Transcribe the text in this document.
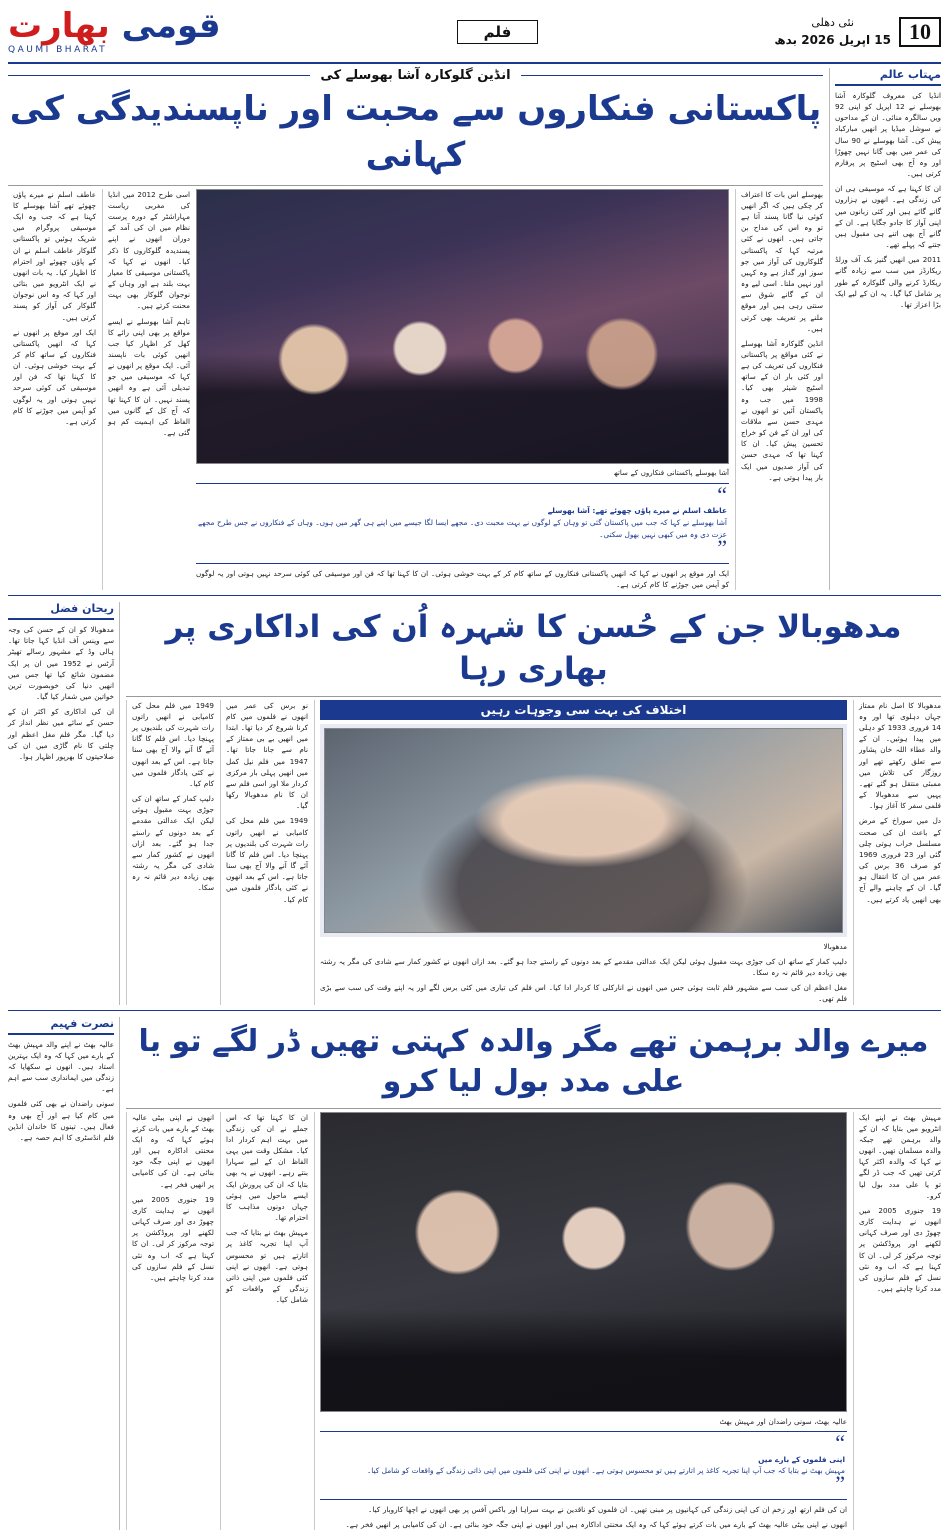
10
نئی دھلی
15 اپریل 2026 بدھ
فلم
قومی بھارت
QAUMI BHARAT
مہتاب عالم
انڈیا کی معروف گلوکارہ آشا بھوسلے نے 12 اپریل کو اپنی 92 ویں سالگرہ منائی۔ ان کے مداحوں نے سوشل میڈیا پر انھیں مبارکباد پیش کی۔ آشا بھوسلے نے 90 سال کی عمر میں بھی گانا نہیں چھوڑا اور وہ آج بھی اسٹیج پر پرفارم کرتی ہیں۔
ان کا کہنا ہے کہ موسیقی ہی ان کی زندگی ہے۔ انھوں نے ہزاروں گانے گائے ہیں اور کئی زبانوں میں اپنی آواز کا جادو جگایا ہے۔ ان کے گانے آج بھی اتنے ہی مقبول ہیں جتنے کہ پہلے تھے۔
2011 میں انھیں گنیز بک آف ورلڈ ریکارڈز میں سب سے زیادہ گانے ریکارڈ کرنے والی گلوکارہ کے طور پر شامل کیا گیا۔ یہ ان کے لیے ایک بڑا اعزاز تھا۔
انڈین گلوکارہ آشا بھوسلے کی
پاکستانی فنکاروں سے محبت اور ناپسندیدگی کی کہانی
بھوسلے اس بات کا اعتراف کر چکی ہیں کہ اگر انھیں کوئی نیا گانا پسند آتا ہے تو وہ اس کی مداح بن جاتی ہیں۔ انھوں نے کئی مرتبہ کہا کہ پاکستانی گلوکاروں کی آواز میں جو سوز اور گداز ہے وہ کہیں اور نہیں ملتا۔ اسی لیے وہ ان کے گانے شوق سے سنتی رہی ہیں اور موقع ملنے پر تعریف بھی کرتی ہیں۔
انڈین گلوکارہ آشا بھوسلے نے کئی مواقع پر پاکستانی فنکاروں کی تعریف کی ہے اور کئی بار ان کے ساتھ اسٹیج شیئر بھی کیا۔ 1998 میں جب وہ پاکستان آئیں تو انھوں نے مہدی حسن سے ملاقات کی اور ان کے فن کو خراج تحسین پیش کیا۔ ان کا کہنا تھا کہ مہدی حسن کی آواز صدیوں میں ایک بار پیدا ہوتی ہے۔
آشا بھوسلے پاکستانی فنکاروں کے ساتھ
“
عاطف اسلم نے میرے پاؤں چھوئے تھے: آشا بھوسلے
آشا بھوسلے نے کہا کہ جب میں پاکستان گئی تو وہاں کے لوگوں نے بہت محبت دی۔ مجھے ایسا لگا جیسے میں اپنے ہی گھر میں ہوں۔ وہاں کے فنکاروں نے جس طرح مجھے عزت دی وہ میں کبھی نہیں بھول سکتی۔
”
ایک اور موقع پر انھوں نے کہا کہ انھیں پاکستانی فنکاروں کے ساتھ کام کر کے بہت خوشی ہوئی۔ ان کا کہنا تھا کہ فن اور موسیقی کی کوئی سرحد نہیں ہوتی اور یہ لوگوں کو آپس میں جوڑنے کا کام کرتی ہے۔
اسی طرح 2012 میں انڈیا کی مغربی ریاست مہاراشٹر کے دورہ پرست نظام میں ان کی آمد کے دوران انھوں نے اپنے پسندیدہ گلوکاروں کا ذکر کیا۔ انھوں نے کہا کہ پاکستانی موسیقی کا معیار بہت بلند ہے اور وہاں کے نوجوان گلوکار بھی بہت محنت کرتے ہیں۔
تاہم آشا بھوسلے نے ایسے مواقع پر بھی اپنی رائے کا کھل کر اظہار کیا جب انھیں کوئی بات ناپسند آئی۔ ایک موقع پر انھوں نے کہا کہ موسیقی میں جو تبدیلی آئی ہے وہ انھیں پسند نہیں۔ ان کا کہنا تھا کہ آج کل کے گانوں میں الفاظ کی اہمیت کم ہو گئی ہے۔
عاطف اسلم نے میرے پاؤں چھوئے تھے آشا بھوسلے کا کہنا ہے کہ جب وہ ایک موسیقی پروگرام میں شریک ہوئیں تو پاکستانی گلوکار عاطف اسلم نے ان کے پاؤں چھوئے اور احترام کا اظہار کیا۔ یہ بات انھوں نے ایک انٹرویو میں بتائی اور کہا کہ وہ اس نوجوان گلوکار کی آواز کو پسند کرتی ہیں۔
ایک اور موقع پر انھوں نے کہا کہ انھیں پاکستانی فنکاروں کے ساتھ کام کر کے بہت خوشی ہوئی۔ ان کا کہنا تھا کہ فن اور موسیقی کی کوئی سرحد نہیں ہوتی اور یہ لوگوں کو آپس میں جوڑنے کا کام کرتی ہے۔
مدھوبالا جن کے حُسن کا شہرہ اُن کی اداکاری پر بھاری رہا
مدھوبالا کا اصل نام ممتاز جہاں دہلوی تھا اور وہ 14 فروری 1933 کو دہلی میں پیدا ہوئیں۔ ان کے والد عطاء اللہ خان پشاور سے تعلق رکھتے تھے اور روزگار کی تلاش میں ممبئی منتقل ہو گئے تھے۔ یہیں سے مدھوبالا کے فلمی سفر کا آغاز ہوا۔
دل میں سوراخ کے مرض کے باعث ان کی صحت مسلسل خراب ہوتی چلی گئی اور 23 فروری 1969 کو صرف 36 برس کی عمر میں ان کا انتقال ہو گیا۔ ان کے چاہنے والے آج بھی انھیں یاد کرتے ہیں۔
اختلاف کی بہت سی وجوہات رہیں
مدھوبالا
دلیپ کمار کے ساتھ ان کی جوڑی بہت مقبول ہوئی لیکن ایک عدالتی مقدمے کے بعد دونوں کے راستے جدا ہو گئے۔ بعد ازاں انھوں نے کشور کمار سے شادی کی مگر یہ رشتہ بھی زیادہ دیر قائم نہ رہ سکا۔
مغل اعظم ان کی سب سے مشہور فلم ثابت ہوئی جس میں انھوں نے انارکلی کا کردار ادا کیا۔ اس فلم کی تیاری میں کئی برس لگے اور یہ اپنے وقت کی سب سے بڑی فلم تھی۔
نو برس کی عمر میں انھوں نے فلموں میں کام کرنا شروع کر دیا تھا۔ ابتدا میں انھیں بے بی ممتاز کے نام سے جانا جاتا تھا۔ 1947 میں فلم نیل کمل میں انھیں پہلی بار مرکزی کردار ملا اور اسی فلم سے ان کا نام مدھوبالا رکھا گیا۔
1949 میں فلم محل کی کامیابی نے انھیں راتوں رات شہرت کی بلندیوں پر پہنچا دیا۔ اس فلم کا گانا آئے گا آنے والا آج بھی سنا جاتا ہے۔ اس کے بعد انھوں نے کئی یادگار فلموں میں کام کیا۔
1949 میں فلم محل کی کامیابی نے انھیں راتوں رات شہرت کی بلندیوں پر پہنچا دیا۔ اس فلم کا گانا آئے گا آنے والا آج بھی سنا جاتا ہے۔ اس کے بعد انھوں نے کئی یادگار فلموں میں کام کیا۔
دلیپ کمار کے ساتھ ان کی جوڑی بہت مقبول ہوئی لیکن ایک عدالتی مقدمے کے بعد دونوں کے راستے جدا ہو گئے۔ بعد ازاں انھوں نے کشور کمار سے شادی کی مگر یہ رشتہ بھی زیادہ دیر قائم نہ رہ سکا۔
ریحان فضل
مدھوبالا کو ان کے حسن کی وجہ سے وینس آف انڈیا کہا جاتا تھا۔ ہالی وڈ کے مشہور رسالے تھیٹر آرٹس نے 1952 میں ان پر ایک مضمون شائع کیا تھا جس میں انھیں دنیا کی خوبصورت ترین خواتین میں شمار کیا گیا۔
ان کی اداکاری کو اکثر ان کے حسن کے سائے میں نظر انداز کر دیا گیا۔ مگر فلم مغل اعظم اور چلتی کا نام گاڑی میں ان کی صلاحیتوں کا بھرپور اظہار ہوا۔
میرے والد برہمن تھے مگر والدہ کہتی تھیں ڈر لگے تو یا علی مدد بول لیا کرو
مہیش بھٹ نے اپنے ایک انٹرویو میں بتایا کہ ان کے والد برہمن تھے جبکہ والدہ مسلمان تھیں۔ انھوں نے کہا کہ والدہ اکثر کہا کرتی تھیں کہ جب ڈر لگے تو یا علی مدد بول لیا کرو۔
19 جنوری 2005 میں انھوں نے ہدایت کاری چھوڑ دی اور صرف کہانی لکھنے اور پروڈکشن پر توجہ مرکوز کر لی۔ ان کا کہنا ہے کہ اب وہ نئی نسل کے فلم سازوں کی مدد کرنا چاہتے ہیں۔
عالیہ بھٹ، سونی راضدان اور مہیش بھٹ
“
اپنی فلموں کے بارے میں
مہیش بھٹ نے بتایا کہ جب آپ اپنا تجربہ کاغذ پر اتارتے ہیں تو محسوس ہوتی ہے۔ انھوں نے اپنی کئی فلموں میں اپنی ذاتی زندگی کے واقعات کو شامل کیا۔
”
ان کی فلم ارتھ اور زخم ان کی اپنی زندگی کی کہانیوں پر مبنی تھیں۔ ان فلموں کو ناقدین نے بہت سراہا اور باکس آفس پر بھی انھوں نے اچھا کاروبار کیا۔
انھوں نے اپنی بیٹی عالیہ بھٹ کے بارے میں بات کرتے ہوئے کہا کہ وہ ایک محنتی اداکارہ ہیں اور انھوں نے اپنی جگہ خود بنائی ہے۔ ان کی کامیابی پر انھیں فخر ہے۔
ان کا کہنا تھا کہ اس جملے نے ان کی زندگی میں بہت اہم کردار ادا کیا۔ مشکل وقت میں یہی الفاظ ان کے لیے سہارا بنتے رہے۔ انھوں نے یہ بھی بتایا کہ ان کی پرورش ایک ایسے ماحول میں ہوئی جہاں دونوں مذاہب کا احترام تھا۔
مہیش بھٹ نے بتایا کہ جب آپ اپنا تجربہ کاغذ پر اتارتے ہیں تو محسوس ہوتی ہے۔ انھوں نے اپنی کئی فلموں میں اپنی ذاتی زندگی کے واقعات کو شامل کیا۔
انھوں نے اپنی بیٹی عالیہ بھٹ کے بارے میں بات کرتے ہوئے کہا کہ وہ ایک محنتی اداکارہ ہیں اور انھوں نے اپنی جگہ خود بنائی ہے۔ ان کی کامیابی پر انھیں فخر ہے۔
19 جنوری 2005 میں انھوں نے ہدایت کاری چھوڑ دی اور صرف کہانی لکھنے اور پروڈکشن پر توجہ مرکوز کر لی۔ ان کا کہنا ہے کہ اب وہ نئی نسل کے فلم سازوں کی مدد کرنا چاہتے ہیں۔
نصرت فہیم
عالیہ بھٹ نے اپنے والد مہیش بھٹ کے بارے میں کہا کہ وہ ایک بہترین استاد ہیں۔ انھوں نے سکھایا کہ زندگی میں ایمانداری سب سے اہم ہے۔
سونی راضدان نے بھی کئی فلموں میں کام کیا ہے اور آج بھی وہ فعال ہیں۔ تینوں کا خاندان انڈین فلم انڈسٹری کا اہم حصہ ہے۔
